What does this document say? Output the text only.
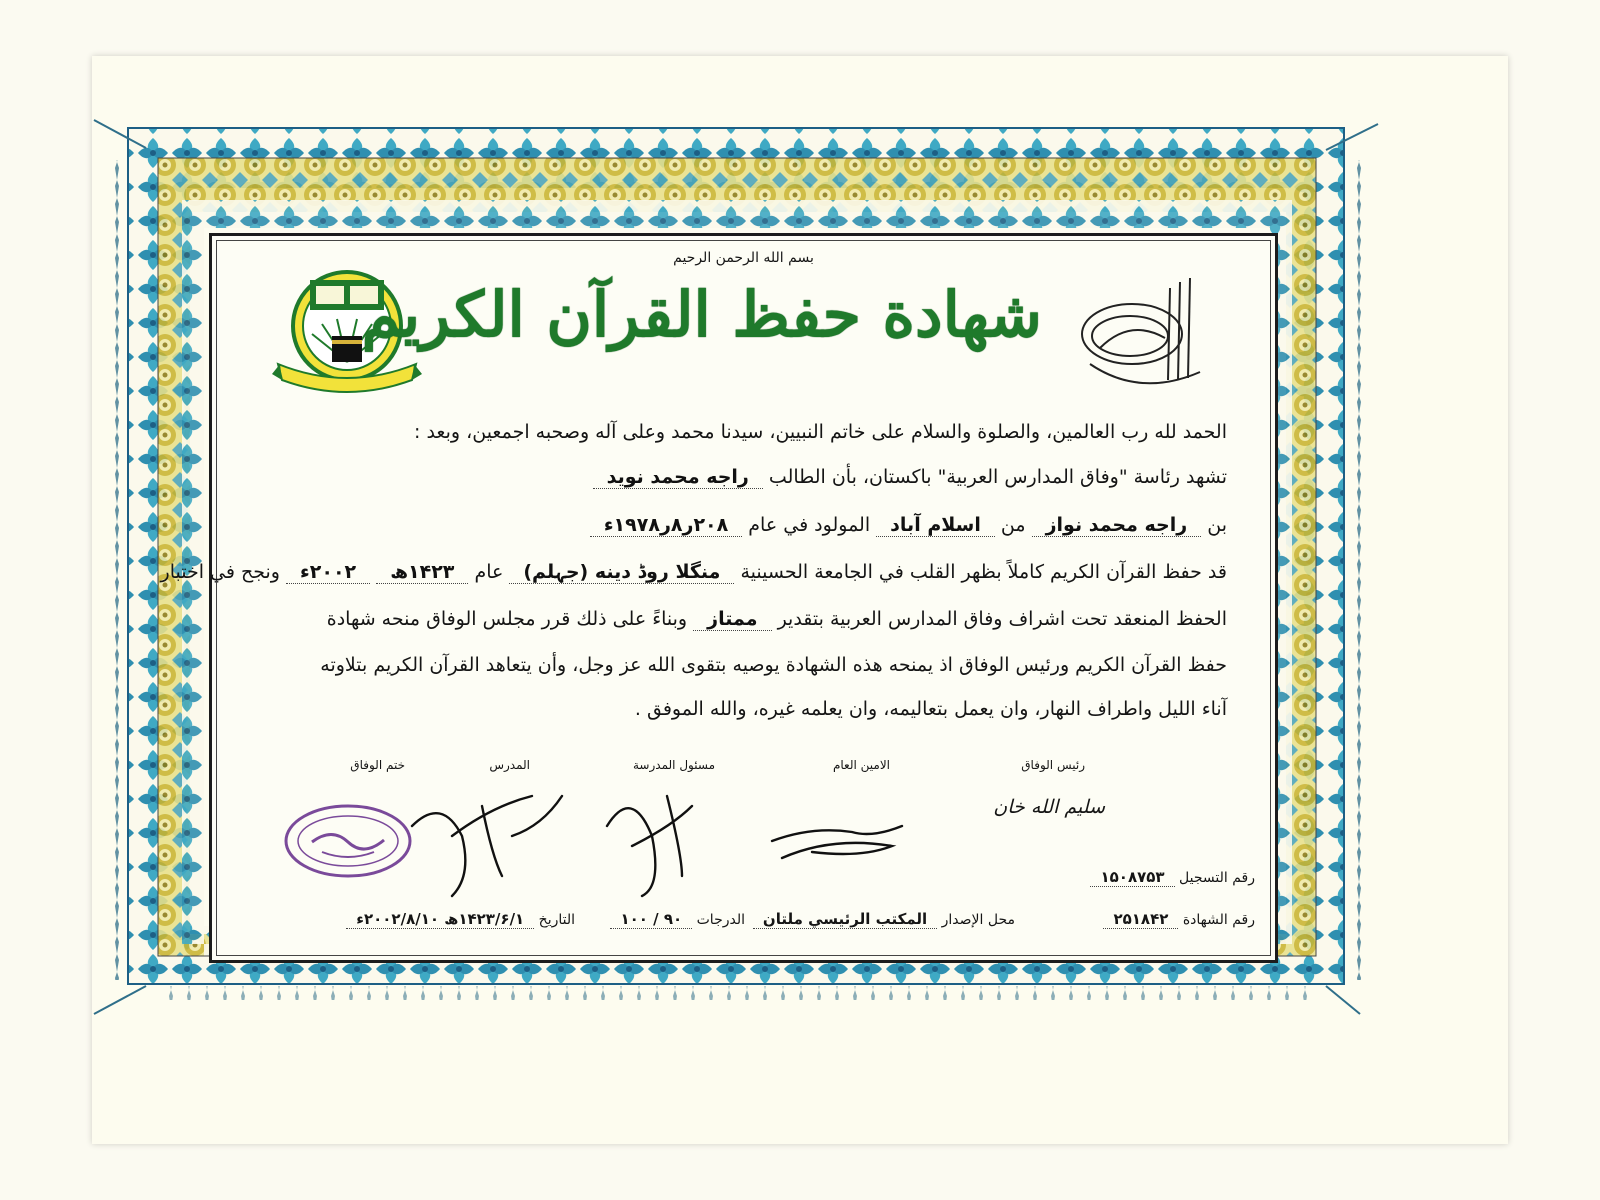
بسم الله الرحمن الرحيم
شهادة حفظ القرآن الكريم
الحمد لله رب العالمين، والصلوة والسلام على خاتم النبيين، سيدنا محمد وعلى آله وصحبه اجمعين، وبعد :
تشهد رئاسة "وفاق المدارس العربية" باكستان، بأن الطالب راجه محمد نويد
بن راجه محمد نواز من اسلام آباد المولود في عام ۲۰۸ر۸ر۱۹۷۸ء
قد حفظ القرآن الكريم كاملاً بظهر القلب في الجامعة الحسينية منگلا روڈ دینه (جہلم) عام ۱۴۲۳ھ ۲۰۰۲ء ونجح في اختبار
الحفظ المنعقد تحت اشراف وفاق المدارس العربية بتقدير ممتاز وبناءً على ذلك قرر مجلس الوفاق منحه شهادة
حفظ القرآن الكريم ورئيس الوفاق اذ يمنحه هذه الشهادة يوصيه بتقوى الله عز وجل، وأن يتعاهد القرآن الكريم بتلاوته
آناء الليل واطراف النهار، وان يعمل بتعاليمه، وان يعلمه غيره، والله الموفق .
رئيس الوفاق
الامين العام
مسئول المدرسة
المدرس
ختم الوفاق
سليم الله خان
رقم التسجيل ۱۵۰۸۷۵۳
رقم الشهادة ۲۵۱۸۴۲
محل الإصدار المكتب الرئيسي ملتان
الدرجات ۹۰ / ۱۰۰
التاريخ ۱۴۲۳/۶/۱ھ ۲۰۰۲/۸/۱۰ء
